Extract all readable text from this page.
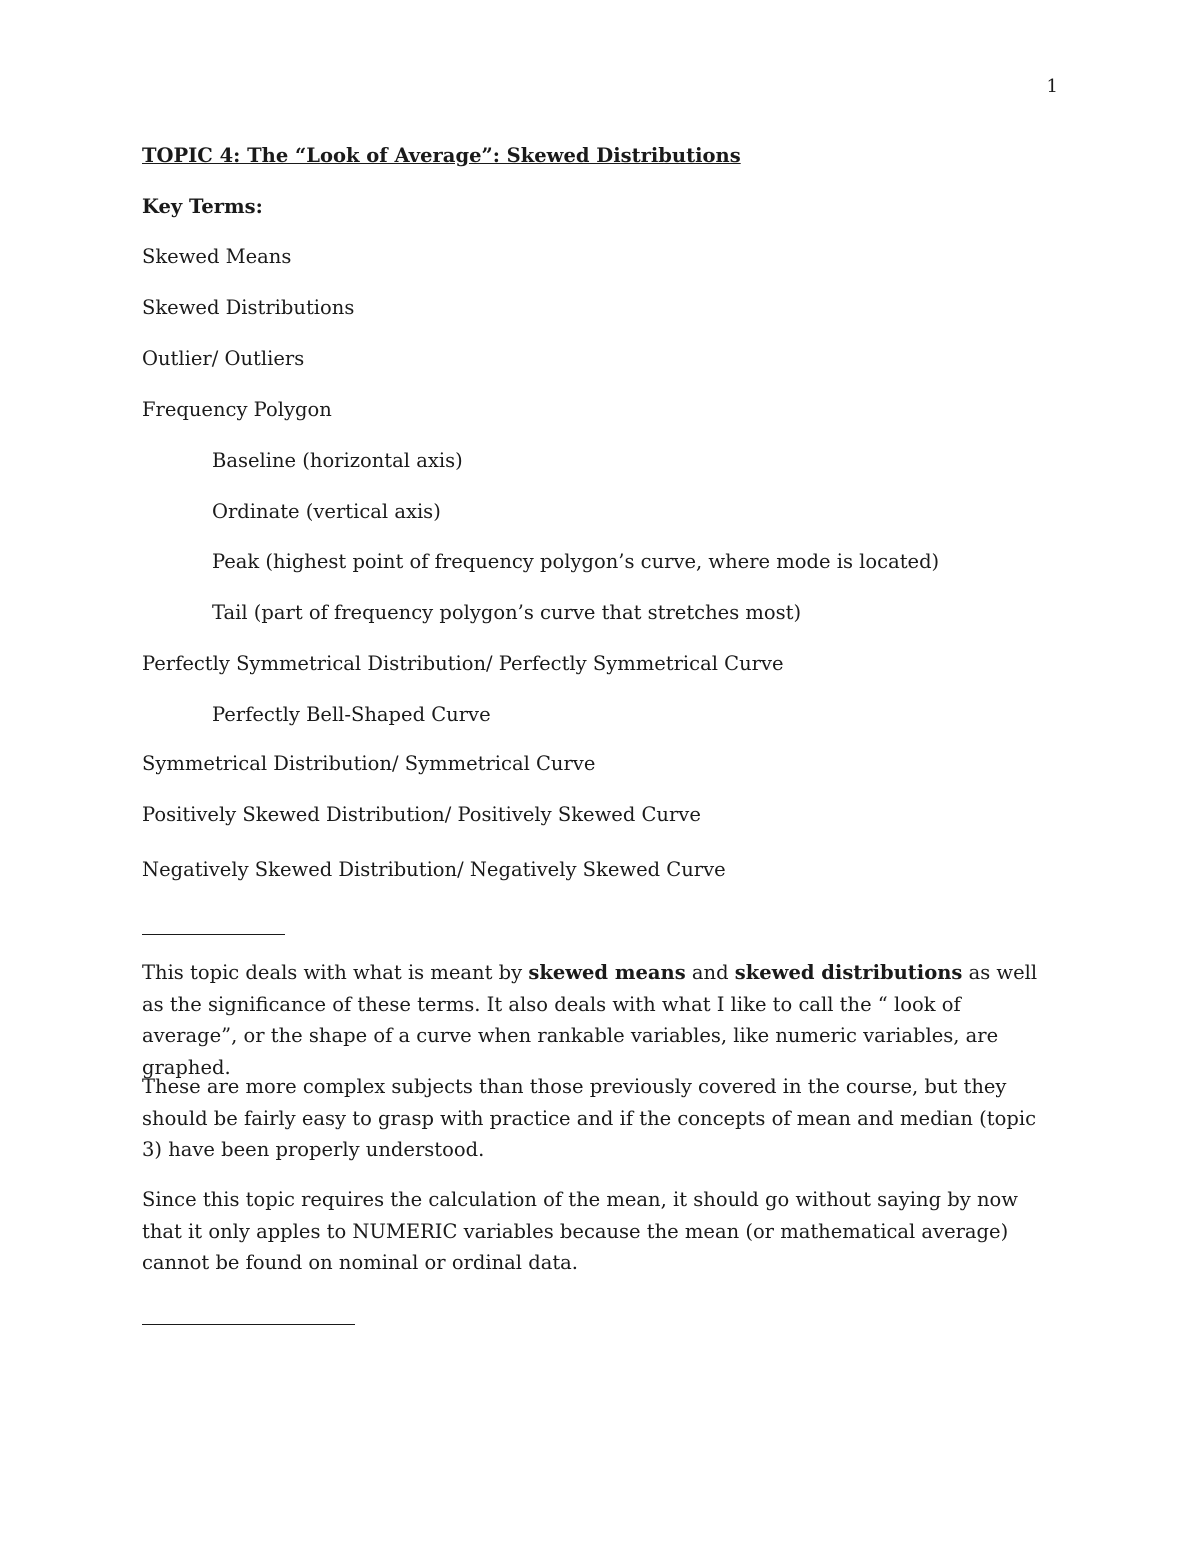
1
TOPIC 4: The “Look of Average”: Skewed Distributions
Key Terms:
Skewed Means
Skewed Distributions
Outlier/ Outliers
Frequency Polygon
Baseline (horizontal axis)
Ordinate (vertical axis)
Peak (highest point of frequency polygon’s curve, where mode is located)
Tail (part of frequency polygon’s curve that stretches most)
Perfectly Symmetrical Distribution/ Perfectly Symmetrical Curve
Perfectly Bell-Shaped Curve
Symmetrical Distribution/ Symmetrical Curve
Positively Skewed Distribution/ Positively Skewed Curve
Negatively Skewed Distribution/ Negatively Skewed Curve
This topic deals with what is meant by skewed means and skewed distributions as well as the significance of these terms. It also deals with what I like to call the “ look of average”, or the shape of a curve when rankable variables, like numeric variables, are graphed.
These are more complex subjects than those previously covered in the course, but they should be fairly easy to grasp with practice and if the concepts of mean and median (topic 3) have been properly understood.
Since this topic requires the calculation of the mean, it should go without saying by now that it only apples to NUMERIC variables because the mean (or mathematical average) cannot be found on nominal or ordinal data.
